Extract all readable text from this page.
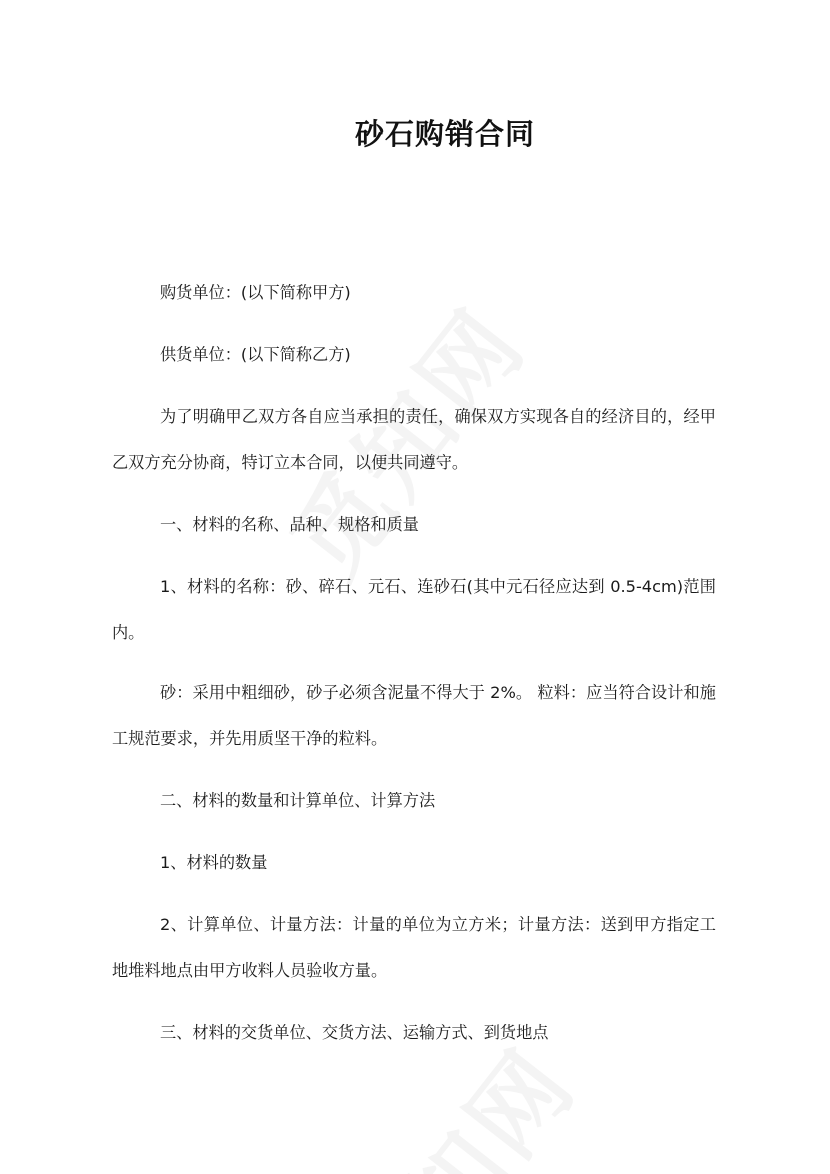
砂石购销合同

购货单位：(以下简称甲方)

供货单位：(以下简称乙方)

为了明确甲乙双方各自应当承担的责任，确保双方实现各自的经济目的，经甲乙双方充分协商，特订立本合同，以便共同遵守。

一、材料的名称、品种、规格和质量

1、材料的名称：砂、碎石、元石、连砂石(其中元石径应达到 0.5-4cm)范围内。

砂：采用中粗细砂，砂子必须含泥量不得大于 2%。 粒料：应当符合设计和施工规范要求，并先用质坚干净的粒料。

二、材料的数量和计算单位、计算方法

1、材料的数量

2、计算单位、计量方法：计量的单位为立方米；计量方法：送到甲方指定工地堆料地点由甲方收料人员验收方量。

三、材料的交货单位、交货方法、运输方式、到货地点
